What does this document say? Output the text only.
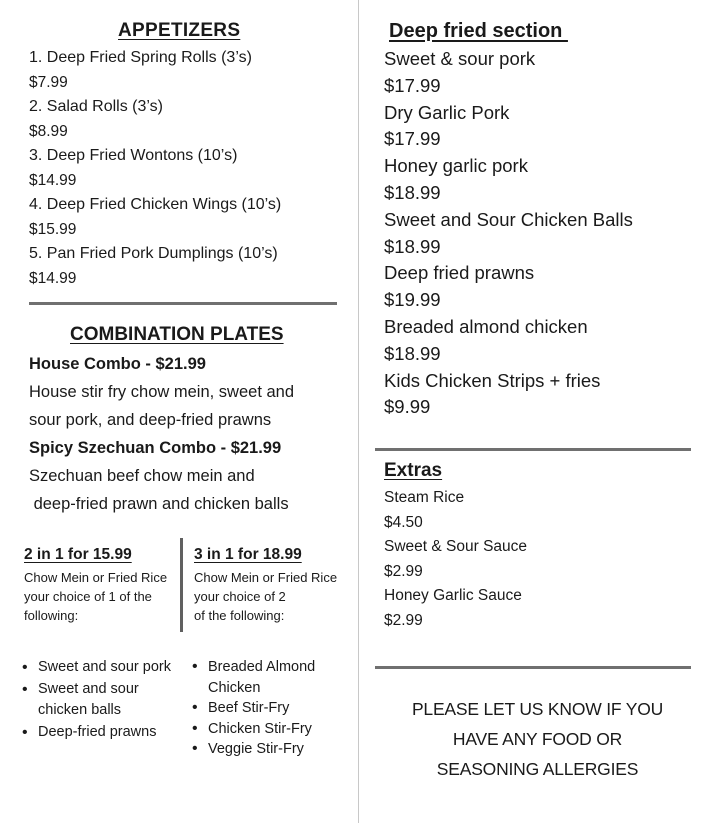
APPETIZERS
1. Deep Fried Spring Rolls (3’s)
$7.99
2. Salad Rolls (3’s)
$8.99
3. Deep Fried Wontons (10’s)
$14.99
4. Deep Fried Chicken Wings (10’s)
$15.99
5. Pan Fried Pork Dumplings (10’s)
$14.99
COMBINATION PLATES
House Combo - $21.99
House stir fry chow mein, sweet and
sour pork, and deep-fried prawns
Spicy Szechuan Combo - $21.99
Szechuan beef chow mein and
deep-fried prawn and chicken balls
2 in 1 for 15.99
Chow Mein or Fried Rice
your choice of 1 of the
following:
3 in 1 for 18.99
Chow Mein or Fried Rice
your choice of 2
of the following:
• Sweet and sour pork
• Sweet and sour chicken balls
• Deep-fried prawns
• Breaded Almond Chicken
• Beef Stir-Fry
• Chicken Stir-Fry
• Veggie Stir-Fry
Deep fried section
Sweet & sour pork
$17.99
Dry Garlic Pork
$17.99
Honey garlic pork
$18.99
Sweet and Sour Chicken Balls
$18.99
Deep fried prawns
$19.99
Breaded almond chicken
$18.99
Kids Chicken Strips + fries
$9.99
Extras
Steam Rice
$4.50
Sweet & Sour Sauce
$2.99
Honey Garlic Sauce
$2.99
PLEASE LET US KNOW IF YOU
HAVE ANY FOOD OR
SEASONING ALLERGIES
